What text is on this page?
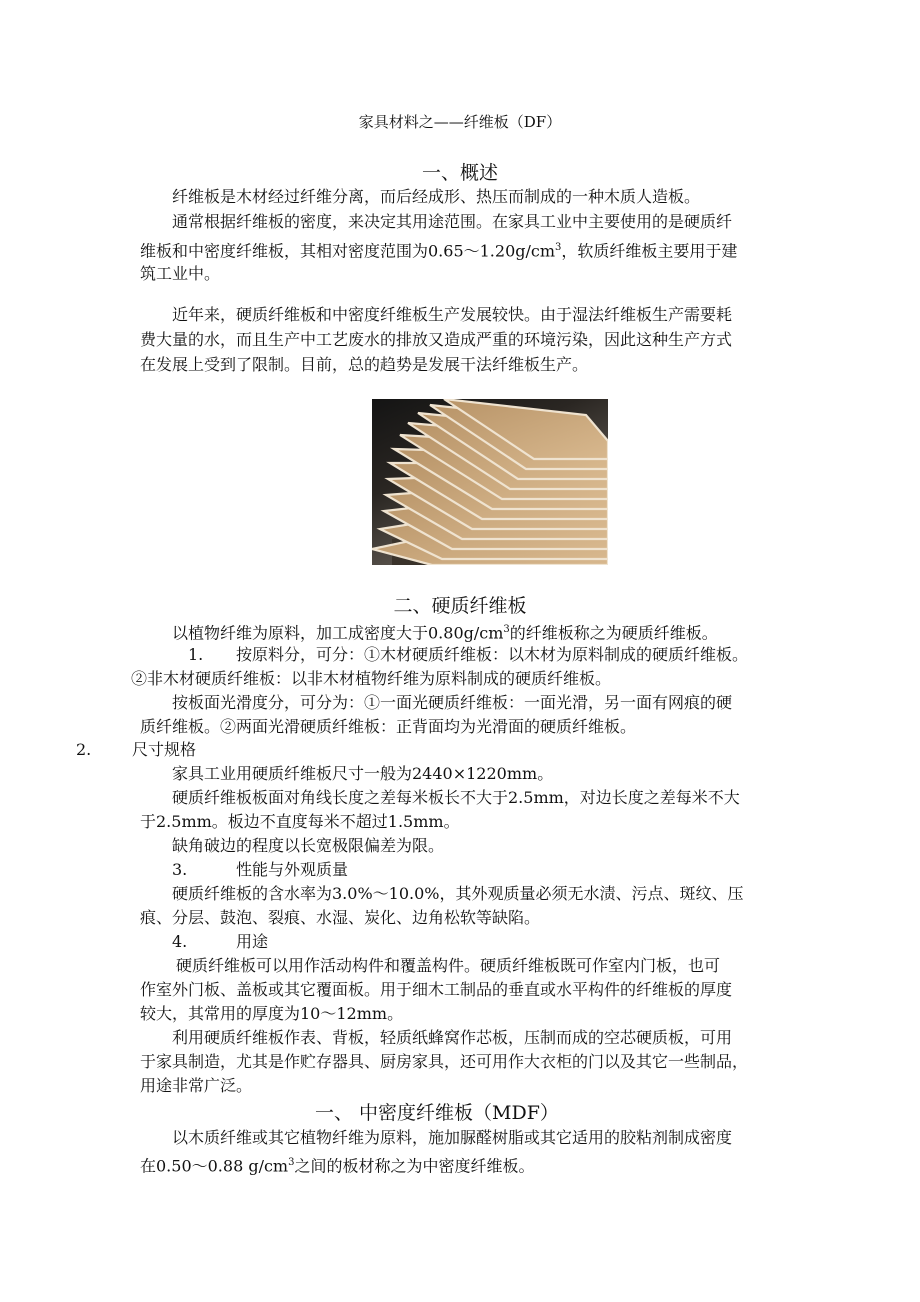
家具材料之——纤维板（DF）
一、概述
纤维板是木材经过纤维分离，而后经成形、热压而制成的一种木质人造板。
通常根据纤维板的密度，来决定其用途范围。在家具工业中主要使用的是硬质纤
维板和中密度纤维板，其相对密度范围为$0.65\sim 1.20g/cm^3$，软质纤维板主要用于建
筑工业中。
近年来，硬质纤维板和中密度纤维板生产发展较快。由于湿法纤维板生产需要耗
费大量的水，而且生产中工艺废水的排放又造成严重的环境污染，因此这种生产方式
在发展上受到了限制。目前，总的趋势是发展干法纤维板生产。
二、硬质纤维板
以植物纤维为原料，加工成密度大于$0.80g/cm^3$的纤维板称之为硬质纤维板。
1. 按原料分，可分：①木材硬质纤维板：以木材为原料制成的硬质纤维板。
②非木材硬质纤维板：以非木材植物纤维为原料制成的硬质纤维板。
按板面光滑度分，可分为：①一面光硬质纤维板：一面光滑，另一面有网痕的硬
质纤维板。②两面光滑硬质纤维板：正背面均为光滑面的硬质纤维板。
2.	尺寸规格
家具工业用硬质纤维板尺寸一般为2440×1220mm。
硬质纤维板板面对角线长度之差每米板长不大于2.5mm，对边长度之差每米不大
于2.5mm。板边不直度每米不超过1.5mm。
缺角破边的程度以长宽极限偏差为限。
3.	性能与外观质量
硬质纤维板的含水率为3.0%～10.0%，其外观质量必须无水渍、污点、斑纹、压
痕、分层、鼓泡、裂痕、水湿、炭化、边角松软等缺陷。
4.	用途
硬质纤维板可以用作活动构件和覆盖构件。硬质纤维板既可作室内门板，也可
作室外门板、盖板或其它覆面板。用于细木工制品的垂直或水平构件的纤维板的厚度
较大，其常用的厚度为10～12mm。
利用硬质纤维板作表、背板，轻质纸蜂窝作芯板，压制而成的空芯硬质板，可用
于家具制造，尤其是作贮存器具、厨房家具，还可用作大衣柜的门以及其它一些制品，
用途非常广泛。
一、 中密度纤维板（MDF）
以木质纤维或其它植物纤维为原料，施加脲醛树脂或其它适用的胶粘剂制成密度
在0.50～0.88 $g/cm^3$之间的板材称之为中密度纤维板。
